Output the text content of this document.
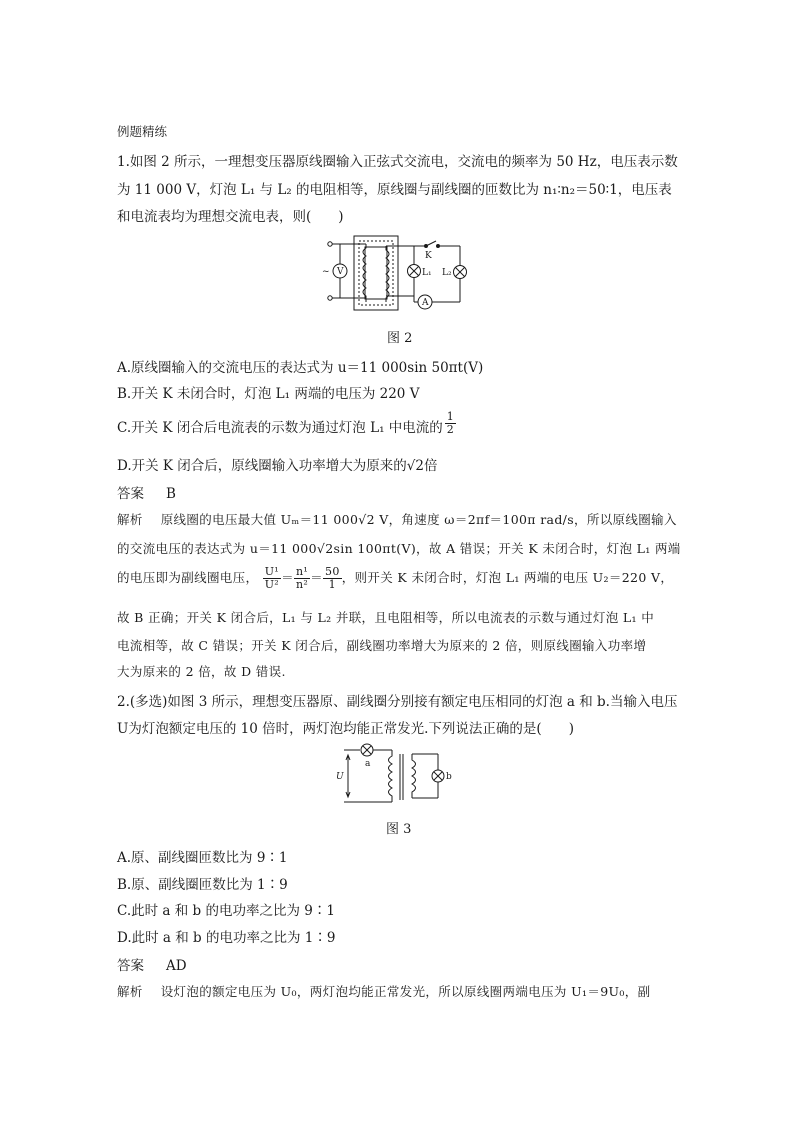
例题精练
1.如图 2 所示，一理想变压器原线圈输入正弦式交流电，交流电的频率为 50 Hz，电压表示数
为 11 000 V，灯泡 L₁ 与 L₂ 的电阻相等，原线圈与副线圈的匝数比为 n₁∶n₂＝50∶1，电压表
和电流表均为理想交流电表，则(　　)
图 2
A.原线圈输入的交流电压的表达式为 u＝11 000sin 50πt(V)
B.开关 K 未闭合时，灯泡 L₁ 两端的电压为 220 V
C.开关 K 闭合后电流表的示数为通过灯泡 L₁ 中电流的 $\frac{1}{2}$
D.开关 K 闭合后，原线圈输入功率增大为原来的√2倍
答案 B
解析 原线圈的电压最大值 Uₘ＝11 000√2 V，角速度 ω＝2πf＝100π rad/s，所以原线圈输入
的交流电压的表达式为 u＝11 000√2sin 100πt(V)，故 A 错误；开关 K 未闭合时，灯泡 L₁ 两端
的电压即为副线圈电压， $\frac{\text{U¹}}{\text{U²}} = \frac{\text{n¹}}{\text{n²}} = \frac{50}{1}$ ，则开关 K 未闭合时，灯泡 L₁ 两端的电压 U₂＝220 V，
故 B 正确；开关 K 闭合后，L₁ 与 L₂ 并联，且电阻相等，所以电流表的示数与通过灯泡 L₁ 中
电流相等，故 C 错误；开关 K 闭合后，副线圈功率增大为原来的 2 倍，则原线圈输入功率增
大为原来的 2 倍，故 D 错误.
2.(多选)如图 3 所示，理想变压器原、副线圈分别接有额定电压相同的灯泡 a 和 b.当输入电压
U为灯泡额定电压的 10 倍时，两灯泡均能正常发光.下列说法正确的是(　　)
图 3
A.原、副线圈匝数比为 9∶1
B.原、副线圈匝数比为 1∶9
C.此时 a 和 b 的电功率之比为 9∶1
D.此时 a 和 b 的电功率之比为 1∶9
答案 AD
解析 设灯泡的额定电压为 U₀，两灯泡均能正常发光，所以原线圈两端电压为 U₁＝9U₀，副
V
~
A
K
L₁ L₂
U
a
b
